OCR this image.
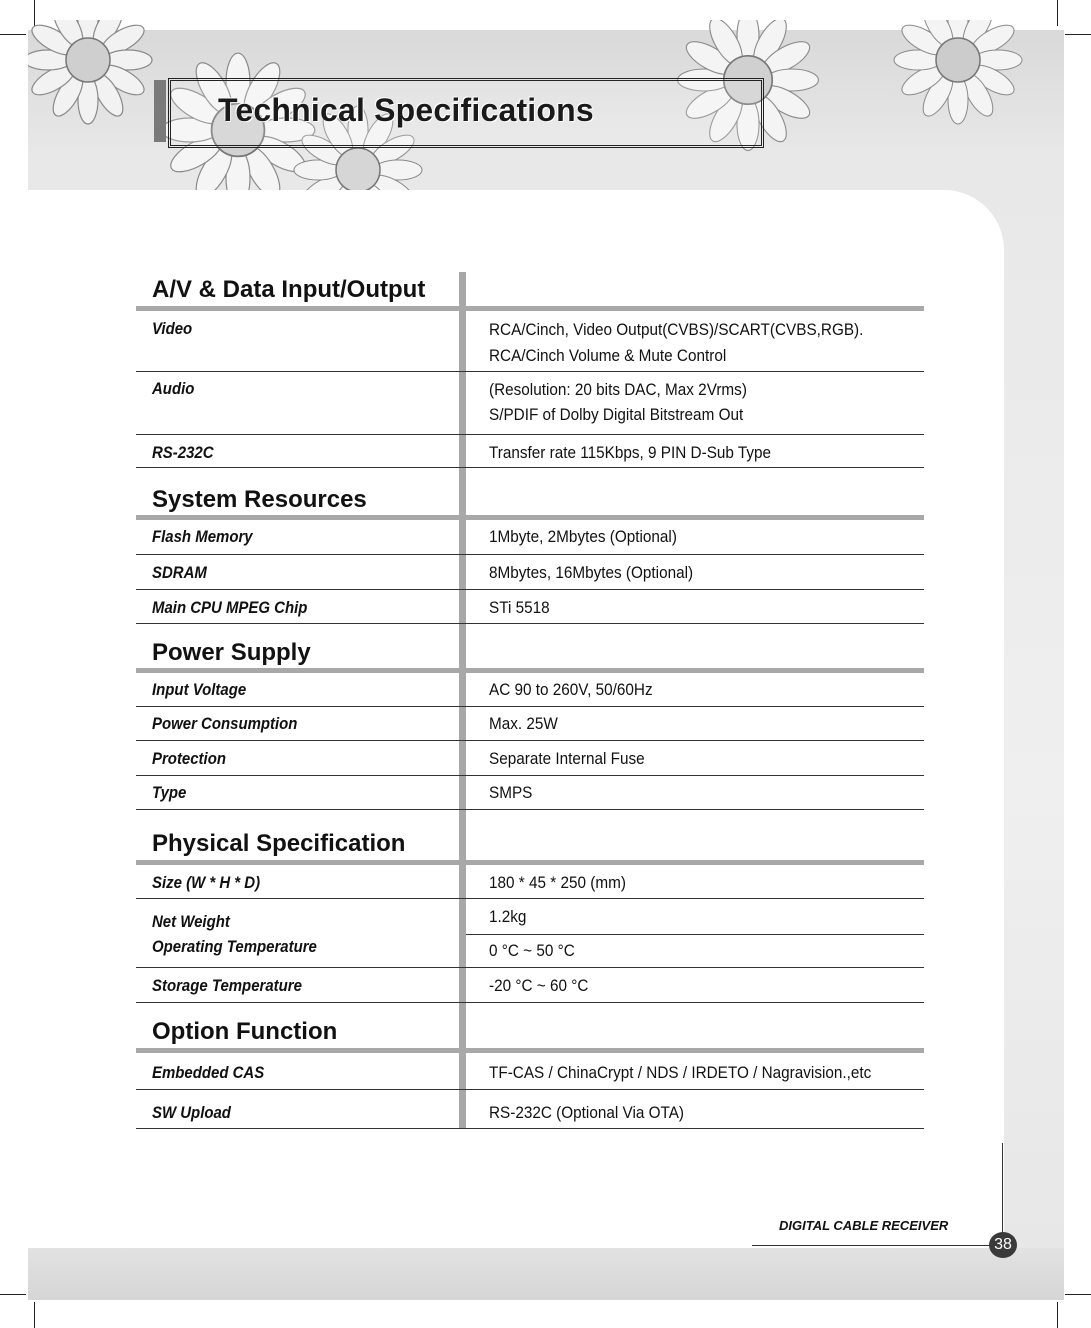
Technical Specifications
A/V & Data Input/Output
Video	RCA/Cinch, Video Output(CVBS)/SCART(CVBS,RGB).
RCA/Cinch Volume & Mute Control
Audio	(Resolution: 20 bits DAC, Max 2Vrms)
S/PDIF of Dolby Digital Bitstream Out
RS-232C	Transfer rate 115Kbps, 9 PIN D-Sub Type
System Resources
Flash Memory	1Mbyte, 2Mbytes (Optional)
SDRAM	8Mbytes, 16Mbytes (Optional)
Main CPU MPEG Chip	STi 5518
Power Supply
Input Voltage	AC 90 to 260V, 50/60Hz
Power Consumption	Max. 25W
Protection	Separate Internal Fuse
Type	SMPS
Physical Specification
Size (W * H * D)	180 * 45 * 250 (mm)
Net Weight	1.2kg
Operating Temperature	0 °C ~ 50 °C
Storage Temperature	-20 °C ~ 60 °C
Option Function
Embedded CAS	TF-CAS / ChinaCrypt / NDS / IRDETO / Nagravision.,etc
SW Upload	RS-232C (Optional Via OTA)
DIGITAL CABLE RECEIVER
38
